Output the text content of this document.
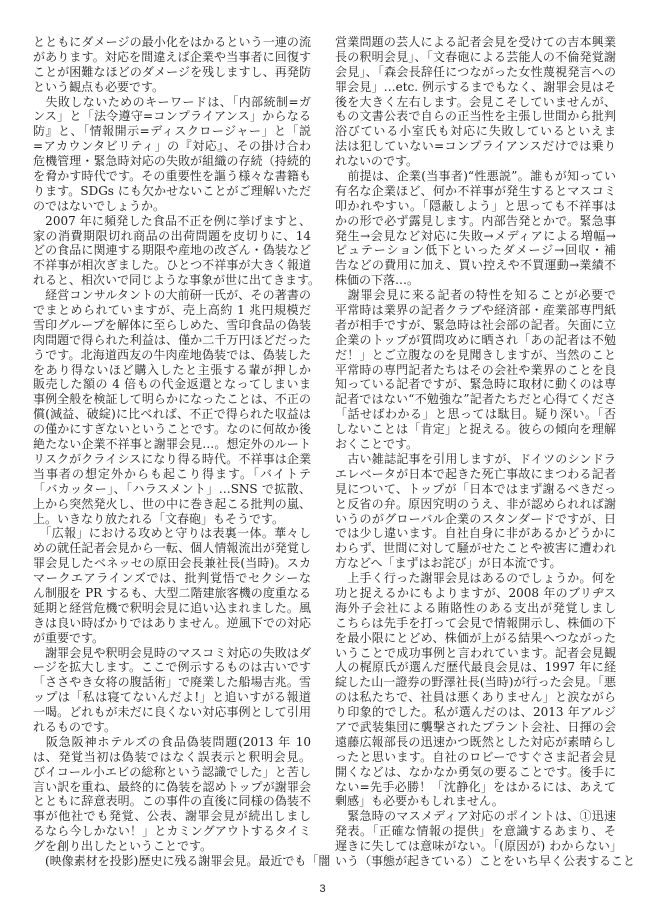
とともにダメージの最小化をはかるという一連の流
があります。対応を間違えば企業や当事者に回復す
ことが困難なほどのダメージを残しますし、再発防
という観点も必要です。
　失敗しないためのキーワードは、「内部統制=ガ
ンス」と「法令遵守=コンプライアンス」からなる
防』と、「情報開示=ディスクロージャー」と「説
=アカウンタビリティ」の『対応』、その掛け合わ
危機管理・緊急時対応の失敗が組織の存続（持続的
を脅かす時代です。その重要性を謳う様々な書籍も
ります。SDGs にも欠かせないことがご理解いただ
のではないでしょうか。
　2007 年に頻発した食品不正を例に挙げますと、
家の消費期限切れ商品の出荷問題を皮切りに、14
どの食品に関連する期限や産地の改ざん・偽装など
不祥事が相次ぎました。ひとつ不祥事が大きく報道
れると、相次いで同じような事象が世に出てきます。
　経営コンサルタントの大前研一氏が、その著書の
でまとめられていますが、売上高約 1 兆円規模だ
雪印グループを解体に至らしめた、雪印食品の偽装
肉問題で得られた利益は、僅か二千万円ほどだった
うです。北海道西友の牛肉産地偽装では、偽装した
をあり得ないほど購入したと主張する輩が押しか
販売した額の 4 倍もの代金返還となってしまいま
事例全般を検証して明らかになったことは、不正の
償(減益、破綻)に比べれば、不正で得られた収益は
の僅かにすぎないということです。なのに何故か後
絶たない企業不祥事と謝罪会見…。想定外のルート
リスクがクライシスになり得る時代。不祥事は企業
当事者の想定外からも起こり得ます。「バイトテ
「バカッター」、「ハラスメント」…SNS で拡散、
上から突然発火し、世の中に巻き起こる批判の嵐、
上。いきなり放たれる「文春砲」もそうです。
　「広報」における攻めと守りは表裏一体。華々し
めの就任記者会見から一転、個人情報流出が発覚し
罪会見したベネッセの原田会長兼社長(当時)。スカ
マークエアラインズでは、批判覚悟でセクシーな
ん制服を PR するも、大型二階建旅客機の度重なる
延期と経営危機で釈明会見に追い込まれました。風
きは良い時ばかりではありません。逆風下での対応
が重要です。
　謝罪会見や釈明会見時のマスコミ対応の失敗はダ
ージを拡大します。ここで例示するものは古いです
「ささやき女将の腹話術」で廃業した船場吉兆。雪
ップは「私は寝てないんだよ!」と追いすがる報道
一喝。どれもが未だに良くない対応事例として引用
れるものです。
　阪急阪神ホテルズの食品偽装問題(2013 年 10
は、発覚当初は偽装ではなく誤表示と釈明会見。
びイコール小エビの総称という認識でした」と苦し
言い訳を重ね、最終的に偽装を認めトップが謝罪会
とともに辞意表明。この事件の直後に同様の偽装不
事が他社でも発覚、公表、謝罪会見が続出しまし
るなら今しかない！」とカミングアウトするタイミ
グを創り出したということです。
　(映像素材を投影)歴史に残る謝罪会見。最近でも「闇
営業問題の芸人による記者会見を受けての吉本興業
長の釈明会見」、「文春砲による芸能人の不倫発覚謝
会見」、「森会長辞任につながった女性蔑視発言への
罪会見」…etc. 例示するまでもなく、謝罪会見はそ
後を大きく左右します。会見こそしていませんが、
もの文書公表で自らの正当性を主張し世間から批判
浴びている小室氏も対応に失敗しているといえま
法は犯していない=コンプライアンスだけでは乗り
れないのです。
　前提は、企業(当事者)“性悪説”。誰もが知ってい
有名な企業ほど、何か不祥事が発生するとマスコミ
叩かれやすい。「隠蔽しよう」と思っても不祥事は
かの形で必ず露見します。内部告発とかで。緊急事
発生→会見など対応に失敗→メディアによる増幅→
ピュテーション低下といったダメージ→回収・補
告などの費用に加え、買い控えや不買運動→業績不
株価の下落…。
　謝罪会見に来る記者の特性を知ることが必要で
平常時は業界の記者クラブや経済部・産業部専門紙
者が相手ですが、緊急時は社会部の記者。矢面に立
企業のトップが質問攻めに晒され「あの記者は不勉
だ！」とご立腹なのを見聞きしますが、当然のこと
平常時の専門記者たちはその会社や業界のことを良
知っている記者ですが、緊急時に取材に動くのは専
記者ではない“不勉強な”記者たちだと心得てくださ
「話せばわかる」と思っては駄目。疑り深い。「否
しないことは「肯定」と捉える。彼らの傾向を理解
おくことです。
　古い雑誌記事を引用しますが、ドイツのシンドラ
エレベータが日本で起きた死亡事故にまつわる記者
見について、トップが「日本ではまず謝るべきだっ
と反省の弁。原因究明のうえ、非が認められれば謝
いうのがグローバル企業のスタンダードですが、日
では少し違います。自社自身に非があるかどうかに
わらず、世間に対して騒がせたことや被害に遭われ
方などへ「まずはお詫び」が日本流です。
　上手く行った謝罪会見はあるのでしょうか。何を
功と捉えるかにもよりますが、2008 年のブリヂス
海外子会社による賄賂性のある支出が発覚しまし
こちらは先手を打って会見で情報開示し、株価の下
を最小限にとどめ、株価が上がる結果へつながった
いうことで成功事例と言われています。記者会見観
人の梶原氏が選んだ歴代最良会見は、1997 年に経
綻した山一證券の野澤社長(当時)が行った会見。「悪
のは私たちで、社員は悪くありません」と涙ながら
り印象的でした。私が選んだのは、2013 年アルジ
アで武装集団に襲撃されたプラント会社、日揮の会
遠藤広報部長の迅速かつ既然とした対応が素晴らし
ったと思います。自社のロビーですぐさま記者会見
開くなどは、なかなか勇気の要ることです。後手に
ない=先手必勝！「沈静化」をはかるには、あえて
剰感」も必要かもしれません。
　緊急時のマスメディア対応のポイントは、①迅速
発表。「正確な情報の提供」を意識するあまり、そ
遅きに失しては意味がない。「(原因が) わからない」
いう（事態が起きている）ことをいち早く公表すること
3
